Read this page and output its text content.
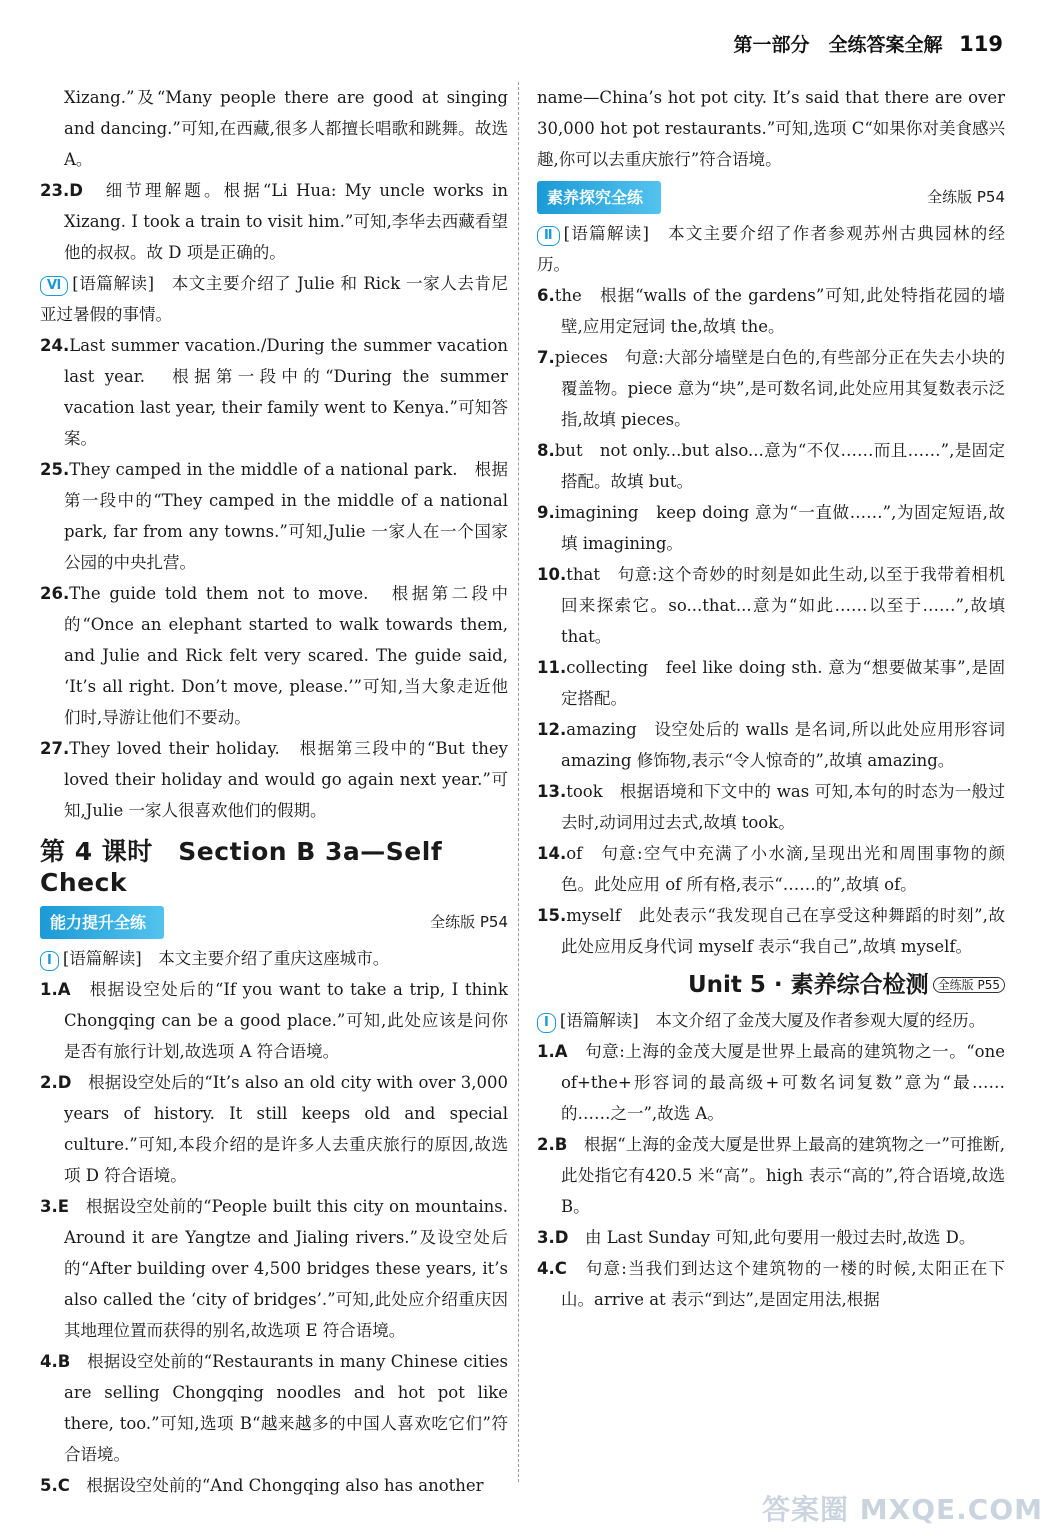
第一部分　全练答案全解 119

Xizang.”及“Many people there are good at singing and dancing.”可知,在西藏,很多人都擅长唱歌和跳舞。故选 A。

23.D　 细节理解题。根据“Li Hua: My uncle works in Xizang. I took a train to visit him.”可知,李华去西藏看望他的叔叔。故 D 项是正确的。

Ⅵ [语篇解读]　本文主要介绍了 Julie 和 Rick 一家人去肯尼亚过暑假的事情。

24.Last summer vacation./During the summer vacation last year.　根据第一段中的“During the summer vacation last year, their family went to Kenya.”可知答案。

25.They camped in the middle of a national park.　根据第一段中的“They camped in the middle of a national park, far from any towns.”可知,Julie 一家人在一个国家公园的中央扎营。

26.The guide told them not to move.　根据第二段中的“Once an elephant started to walk towards them, and Julie and Rick felt very scared. The guide said, ‘It’s all right. Don’t move, please.’”可知,当大象走近他们时,导游让他们不要动。

27.They loved their holiday.　根据第三段中的“But they loved their holiday and would go again next year.”可知,Julie 一家人很喜欢他们的假期。

第 4 课时　Section B 3a—Self Check
能力提升全练	全练版 P54

Ⅰ [语篇解读]　本文主要介绍了重庆这座城市。

1.A　 根据设空处后的“If you want to take a trip, I think Chongqing can be a good place.”可知,此处应该是问你是否有旅行计划,故选项 A 符合语境。

2.D　 根据设空处后的“It’s also an old city with over 3,000 years of history. It still keeps old and special culture.”可知,本段介绍的是许多人去重庆旅行的原因,故选项 D 符合语境。

3.E　 根据设空处前的“People built this city on mountains. Around it are Yangtze and Jialing rivers.”及设空处后的“After building over 4,500 bridges these years, it’s also called the ‘city of bridges’.”可知,此处应介绍重庆因其地理位置而获得的别名,故选项 E 符合语境。

4.B　 根据设空处前的“Restaurants in many Chinese cities are selling Chongqing noodles and hot pot like there, too.”可知,选项 B“越来越多的中国人喜欢吃它们”符合语境。

5.C　 根据设空处前的“And Chongqing also has another

name—China’s hot pot city. It’s said that there are over 30,000 hot pot restaurants.”可知,选项 C“如果你对美食感兴趣,你可以去重庆旅行”符合语境。

素养探究全练	全练版 P54

Ⅱ [语篇解读]　本文主要介绍了作者参观苏州古典园林的经历。

6.the　根据“walls of the gardens”可知,此处特指花园的墙壁,应用定冠词 the,故填 the。

7.pieces　句意:大部分墙壁是白色的,有些部分正在失去小块的覆盖物。piece 意为“块”,是可数名词,此处应用其复数表示泛指,故填 pieces。

8.but　not only...but also...意为“不仅……而且……”,是固定搭配。故填 but。

9.imagining　keep doing 意为“一直做……”,为固定短语,故填 imagining。

10.that　句意:这个奇妙的时刻是如此生动,以至于我带着相机回来探索它。so...that...意为“如此……以至于……”,故填 that。

11.collecting　feel like doing sth. 意为“想要做某事”,是固定搭配。

12.amazing　设空处后的 walls 是名词,所以此处应用形容词 amazing 修饰物,表示“令人惊奇的”,故填 amazing。

13.took　根据语境和下文中的 was 可知,本句的时态为一般过去时,动词用过去式,故填 took。

14.of　句意:空气中充满了小水滴,呈现出光和周围事物的颜色。此处应用 of 所有格,表示“……的”,故填 of。

15.myself　此处表示“我发现自己在享受这种舞蹈的时刻”,故此处应用反身代词 myself 表示“我自己”,故填 myself。

Unit 5 · 素养综合检测 全练版 P55

Ⅰ [语篇解读]　本文介绍了金茂大厦及作者参观大厦的经历。

1.A　 句意:上海的金茂大厦是世界上最高的建筑物之一。“one of+the+形容词的最高级+可数名词复数”意为“最……的……之一”,故选 A。

2.B　 根据“上海的金茂大厦是世界上最高的建筑物之一”可推断,此处指它有420.5 米“高”。high 表示“高的”,符合语境,故选 B。

3.D　 由 Last Sunday 可知,此句要用一般过去时,故选 D。

4.C　 句意:当我们到达这个建筑物的一楼的时候,太阳正在下山。arrive at 表示“到达”,是固定用法,根据

答案圈 MXQE.COM
